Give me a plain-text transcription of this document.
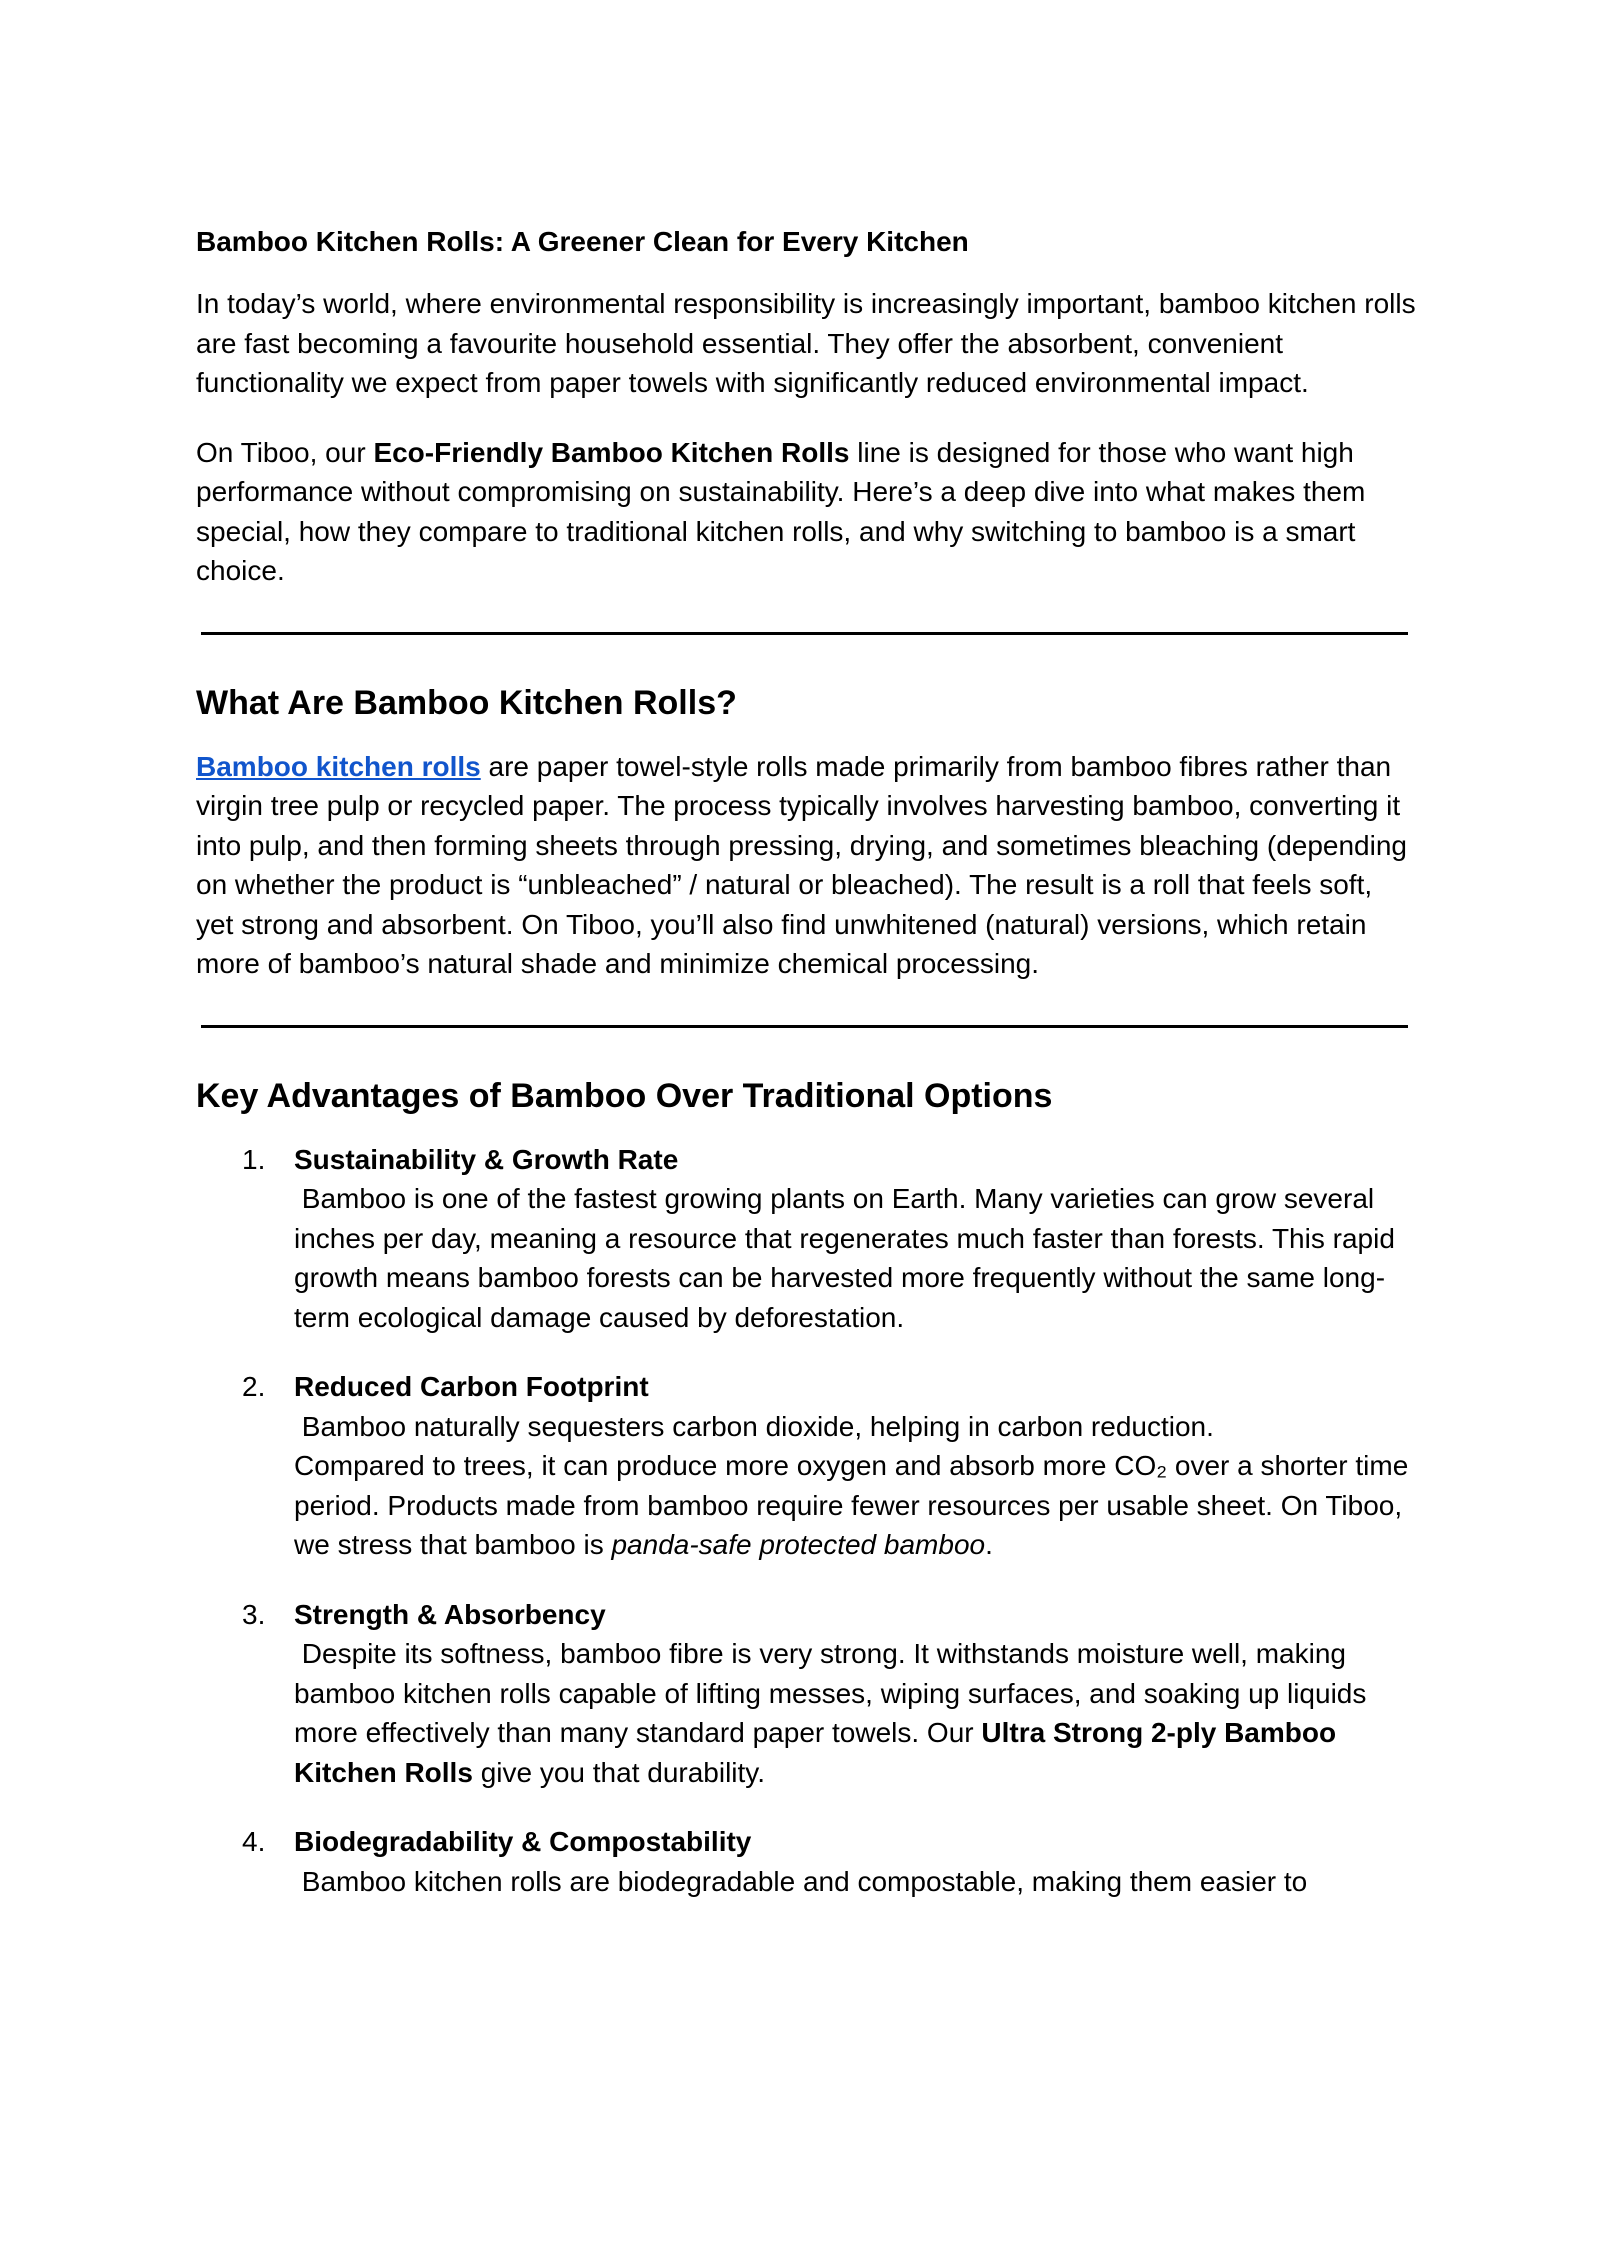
Bamboo Kitchen Rolls: A Greener Clean for Every Kitchen

In today’s world, where environmental responsibility is increasingly important, bamboo kitchen rolls are fast becoming a favourite household essential. They offer the absorbent, convenient functionality we expect from paper towels with significantly reduced environmental impact.

On Tiboo, our Eco-Friendly Bamboo Kitchen Rolls line is designed for those who want high performance without compromising on sustainability. Here’s a deep dive into what makes them special, how they compare to traditional kitchen rolls, and why switching to bamboo is a smart choice.

What Are Bamboo Kitchen Rolls?

Bamboo kitchen rolls are paper towel-style rolls made primarily from bamboo fibres rather than virgin tree pulp or recycled paper. The process typically involves harvesting bamboo, converting it into pulp, and then forming sheets through pressing, drying, and sometimes bleaching (depending on whether the product is “unbleached” / natural or bleached). The result is a roll that feels soft, yet strong and absorbent. On Tiboo, you’ll also find unwhitened (natural) versions, which retain more of bamboo’s natural shade and minimize chemical processing.

Key Advantages of Bamboo Over Traditional Options
1. Sustainability & Growth Rate
Bamboo is one of the fastest growing plants on Earth. Many varieties can grow several inches per day, meaning a resource that regenerates much faster than forests. This rapid growth means bamboo forests can be harvested more frequently without the same long-term ecological damage caused by deforestation.
2. Reduced Carbon Footprint
Bamboo naturally sequesters carbon dioxide, helping in carbon reduction.
Compared to trees, it can produce more oxygen and absorb more CO₂ over a shorter time period. Products made from bamboo require fewer resources per usable sheet. On Tiboo, we stress that bamboo is panda-safe protected bamboo.
3. Strength & Absorbency
Despite its softness, bamboo fibre is very strong. It withstands moisture well, making bamboo kitchen rolls capable of lifting messes, wiping surfaces, and soaking up liquids more effectively than many standard paper towels. Our Ultra Strong 2-ply Bamboo Kitchen Rolls give you that durability.
4. Biodegradability & Compostability
Bamboo kitchen rolls are biodegradable and compostable, making them easier to
